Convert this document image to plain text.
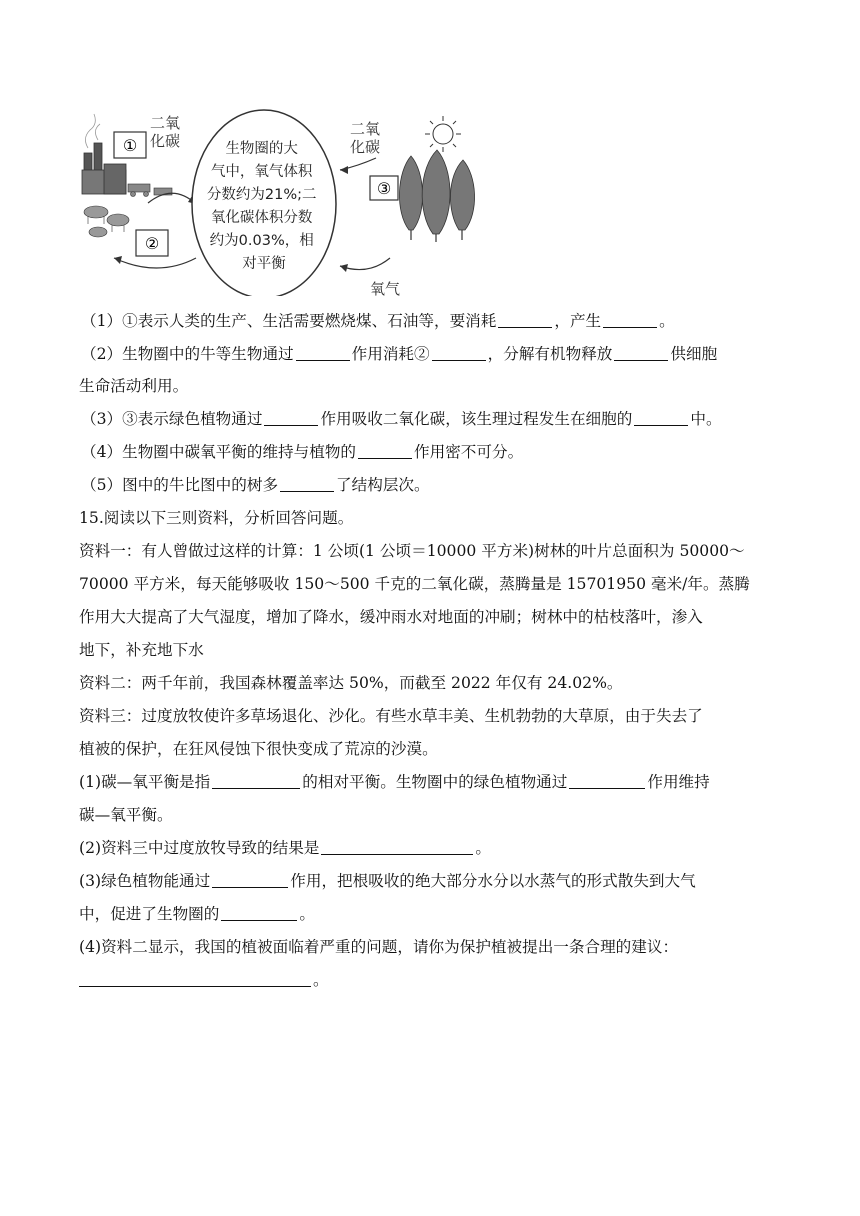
①
②
二氧化碳	生物圈的大 气中，氧气体积 分数约为21%;二 氧化碳体积分数 约为0.03%，相 对平衡
二氧化碳
氧气
③
（1）①表示人类的生产、生活需要燃烧煤、石油等，要消耗	，产生	。
（2）生物圈中的牛等生物通过	作用消耗②	，分解有机物释放	供细胞
生命活动利用。
（3）③表示绿色植物通过	作用吸收二氧化碳，该生理过程发生在细胞的	中。
（4）生物圈中碳氧平衡的维持与植物的	作用密不可分。
（5）图中的牛比图中的树多	了结构层次。
15.阅读以下三则资料，分析回答问题。
资料一：有人曾做过这样的计算：1 公顷(1 公顷＝10000 平方米)树林的叶片总面积为 50000～
70000 平方米，每天能够吸收 150～500 千克的二氧化碳，蒸腾量是 15701950 毫米/年。蒸腾
作用大大提高了大气湿度，增加了降水，缓冲雨水对地面的冲刷；树林中的枯枝落叶，渗入
地下，补充地下水
资料二：两千年前，我国森林覆盖率达 50%，而截至 2022 年仅有 24.02%。
资料三：过度放牧使许多草场退化、沙化。有些水草丰美、生机勃勃的大草原，由于失去了
植被的保护，在狂风侵蚀下很快变成了荒凉的沙漠。
(1)碳—氧平衡是指	的相对平衡。生物圈中的绿色植物通过	作用维持
碳—氧平衡。
(2)资料三中过度放牧导致的结果是	。
(3)绿色植物能通过	作用，把根吸收的绝大部分水分以水蒸气的形式散失到大气
中，促进了生物圈的	。
(4)资料二显示，我国的植被面临着严重的问题，请你为保护植被提出一条合理的建议：
。
